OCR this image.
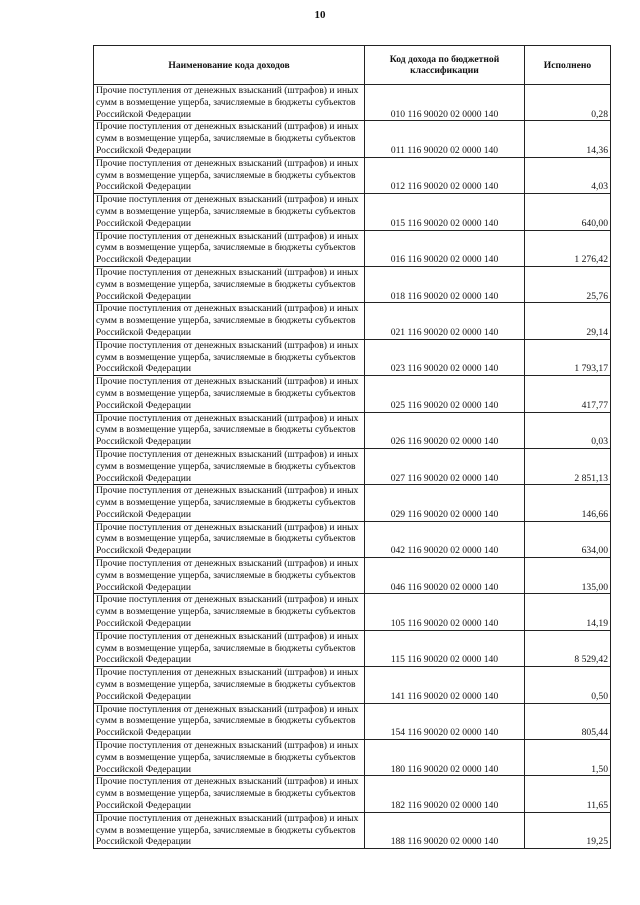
10
Наименование кода доходов	Код дохода по бюджетной классификации	Исполнено
Прочие поступления от денежных взысканий (штрафов) и иных сумм в возмещение ущерба, зачисляемые в бюджеты субъектов Российской Федерации	010 116 90020 02 0000 140	0,28
Прочие поступления от денежных взысканий (штрафов) и иных сумм в возмещение ущерба, зачисляемые в бюджеты субъектов Российской Федерации	011 116 90020 02 0000 140	14,36
Прочие поступления от денежных взысканий (штрафов) и иных сумм в возмещение ущерба, зачисляемые в бюджеты субъектов Российской Федерации	012 116 90020 02 0000 140	4,03
Прочие поступления от денежных взысканий (штрафов) и иных сумм в возмещение ущерба, зачисляемые в бюджеты субъектов Российской Федерации	015 116 90020 02 0000 140	640,00
Прочие поступления от денежных взысканий (штрафов) и иных сумм в возмещение ущерба, зачисляемые в бюджеты субъектов Российской Федерации	016 116 90020 02 0000 140	1 276,42
Прочие поступления от денежных взысканий (штрафов) и иных сумм в возмещение ущерба, зачисляемые в бюджеты субъектов Российской Федерации	018 116 90020 02 0000 140	25,76
Прочие поступления от денежных взысканий (штрафов) и иных сумм в возмещение ущерба, зачисляемые в бюджеты субъектов Российской Федерации	021 116 90020 02 0000 140	29,14
Прочие поступления от денежных взысканий (штрафов) и иных сумм в возмещение ущерба, зачисляемые в бюджеты субъектов Российской Федерации	023 116 90020 02 0000 140	1 793,17
Прочие поступления от денежных взысканий (штрафов) и иных сумм в возмещение ущерба, зачисляемые в бюджеты субъектов Российской Федерации	025 116 90020 02 0000 140	417,77
Прочие поступления от денежных взысканий (штрафов) и иных сумм в возмещение ущерба, зачисляемые в бюджеты субъектов Российской Федерации	026 116 90020 02 0000 140	0,03
Прочие поступления от денежных взысканий (штрафов) и иных сумм в возмещение ущерба, зачисляемые в бюджеты субъектов Российской Федерации	027 116 90020 02 0000 140	2 851,13
Прочие поступления от денежных взысканий (штрафов) и иных сумм в возмещение ущерба, зачисляемые в бюджеты субъектов Российской Федерации	029 116 90020 02 0000 140	146,66
Прочие поступления от денежных взысканий (штрафов) и иных сумм в возмещение ущерба, зачисляемые в бюджеты субъектов Российской Федерации	042 116 90020 02 0000 140	634,00
Прочие поступления от денежных взысканий (штрафов) и иных сумм в возмещение ущерба, зачисляемые в бюджеты субъектов Российской Федерации	046 116 90020 02 0000 140	135,00
Прочие поступления от денежных взысканий (штрафов) и иных сумм в возмещение ущерба, зачисляемые в бюджеты субъектов Российской Федерации	105 116 90020 02 0000 140	14,19
Прочие поступления от денежных взысканий (штрафов) и иных сумм в возмещение ущерба, зачисляемые в бюджеты субъектов Российской Федерации	115 116 90020 02 0000 140	8 529,42
Прочие поступления от денежных взысканий (штрафов) и иных сумм в возмещение ущерба, зачисляемые в бюджеты субъектов Российской Федерации	141 116 90020 02 0000 140	0,50
Прочие поступления от денежных взысканий (штрафов) и иных сумм в возмещение ущерба, зачисляемые в бюджеты субъектов Российской Федерации	154 116 90020 02 0000 140	805,44
Прочие поступления от денежных взысканий (штрафов) и иных сумм в возмещение ущерба, зачисляемые в бюджеты субъектов Российской Федерации	180 116 90020 02 0000 140	1,50
Прочие поступления от денежных взысканий (штрафов) и иных сумм в возмещение ущерба, зачисляемые в бюджеты субъектов Российской Федерации	182 116 90020 02 0000 140	11,65
Прочие поступления от денежных взысканий (штрафов) и иных сумм в возмещение ущерба, зачисляемые в бюджеты субъектов Российской Федерации	188 116 90020 02 0000 140	19,25
